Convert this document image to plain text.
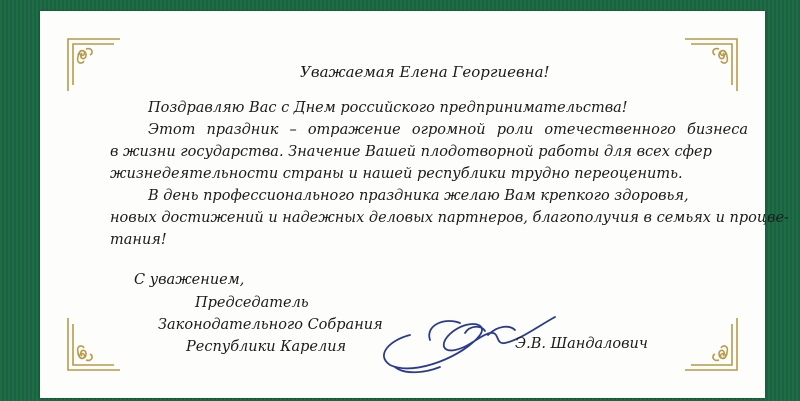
Уважаемая Елена Георгиевна!
Поздравляю Вас с Днем российского предпринимательства!
Этот праздник – отражение огромной роли отечественного бизнеса
в жизни государства. Значение Вашей плодотворной работы для всех сфер
жизнедеятельности страны и нашей республики трудно переоценить.
В день профессионального праздника желаю Вам крепкого здоровья,
новых достижений и надежных деловых партнеров, благополучия в семьях и процве-
тания!
С уважением,
Председатель
Законодательного Собрания
Республики Карелия	Э.В. Шандалович
